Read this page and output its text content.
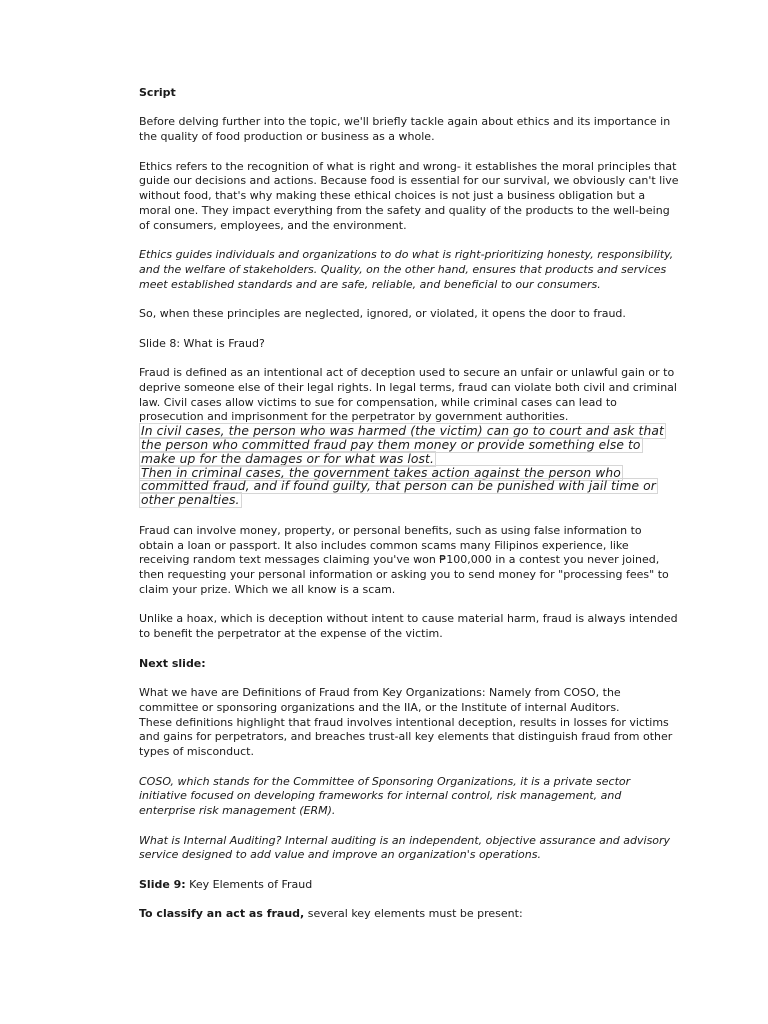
Script

Before delving further into the topic, we'll briefly tackle again about ethics and its importance in the quality of food production or business as a whole.

Ethics refers to the recognition of what is right and wrong- it establishes the moral principles that guide our decisions and actions. Because food is essential for our survival, we obviously can't live without food, that's why making these ethical choices is not just a business obligation but a moral one. They impact everything from the safety and quality of the products to the well-being of consumers, employees, and the environment.

Ethics guides individuals and organizations to do what is right-prioritizing honesty, responsibility, and the welfare of stakeholders. Quality, on the other hand, ensures that products and services meet established standards and are safe, reliable, and beneficial to our consumers.

So, when these principles are neglected, ignored, or violated, it opens the door to fraud.

Slide 8: What is Fraud?

Fraud is defined as an intentional act of deception used to secure an unfair or unlawful gain or to deprive someone else of their legal rights. In legal terms, fraud can violate both civil and criminal law. Civil cases allow victims to sue for compensation, while criminal cases can lead to prosecution and imprisonment for the perpetrator by government authorities.

In civil cases, the person who was harmed (the victim) can go to court and ask that the person who committed fraud pay them money or provide something else to make up for the damages or for what was lost.

Then in criminal cases, the government takes action against the person who committed fraud, and if found guilty, that person can be punished with jail time or other penalties.

Fraud can involve money, property, or personal benefits, such as using false information to obtain a loan or passport. It also includes common scams many Filipinos experience, like receiving random text messages claiming you've won ₱100,000 in a contest you never joined, then requesting your personal information or asking you to send money for "processing fees" to claim your prize. Which we all know is a scam.

Unlike a hoax, which is deception without intent to cause material harm, fraud is always intended to benefit the perpetrator at the expense of the victim.

Next slide:

What we have are Definitions of Fraud from Key Organizations: Namely from COSO, the committee or sponsoring organizations and the IIA, or the Institute of internal Auditors.

These definitions highlight that fraud involves intentional deception, results in losses for victims and gains for perpetrators, and breaches trust-all key elements that distinguish fraud from other types of misconduct.

COSO, which stands for the Committee of Sponsoring Organizations, it is a private sector initiative focused on developing frameworks for internal control, risk management, and enterprise risk management (ERM).

What is Internal Auditing? Internal auditing is an independent, objective assurance and advisory service designed to add value and improve an organization's operations.

Slide 9: Key Elements of Fraud

To classify an act as fraud, several key elements must be present:
